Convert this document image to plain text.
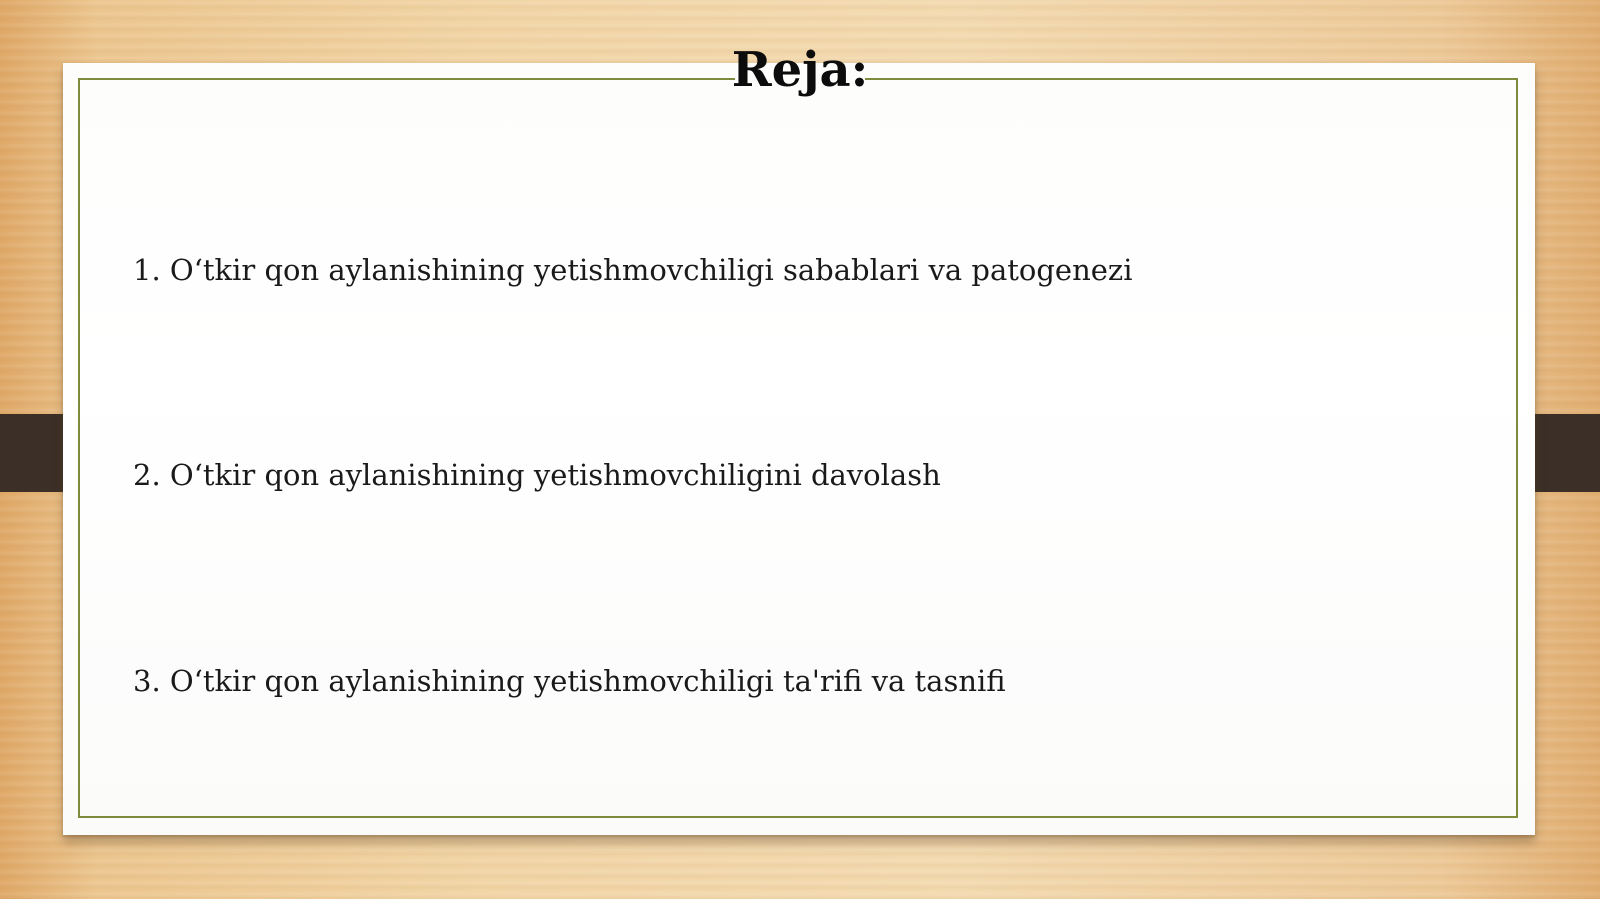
Reja:
1. O‘tkir qon aylanishining yetishmovchiligi sabablari va patogenezi
2. O‘tkir qon aylanishining yetishmovchiligini davolash
3. O‘tkir qon aylanishining yetishmovchiligi ta'rifi va tasnifi
